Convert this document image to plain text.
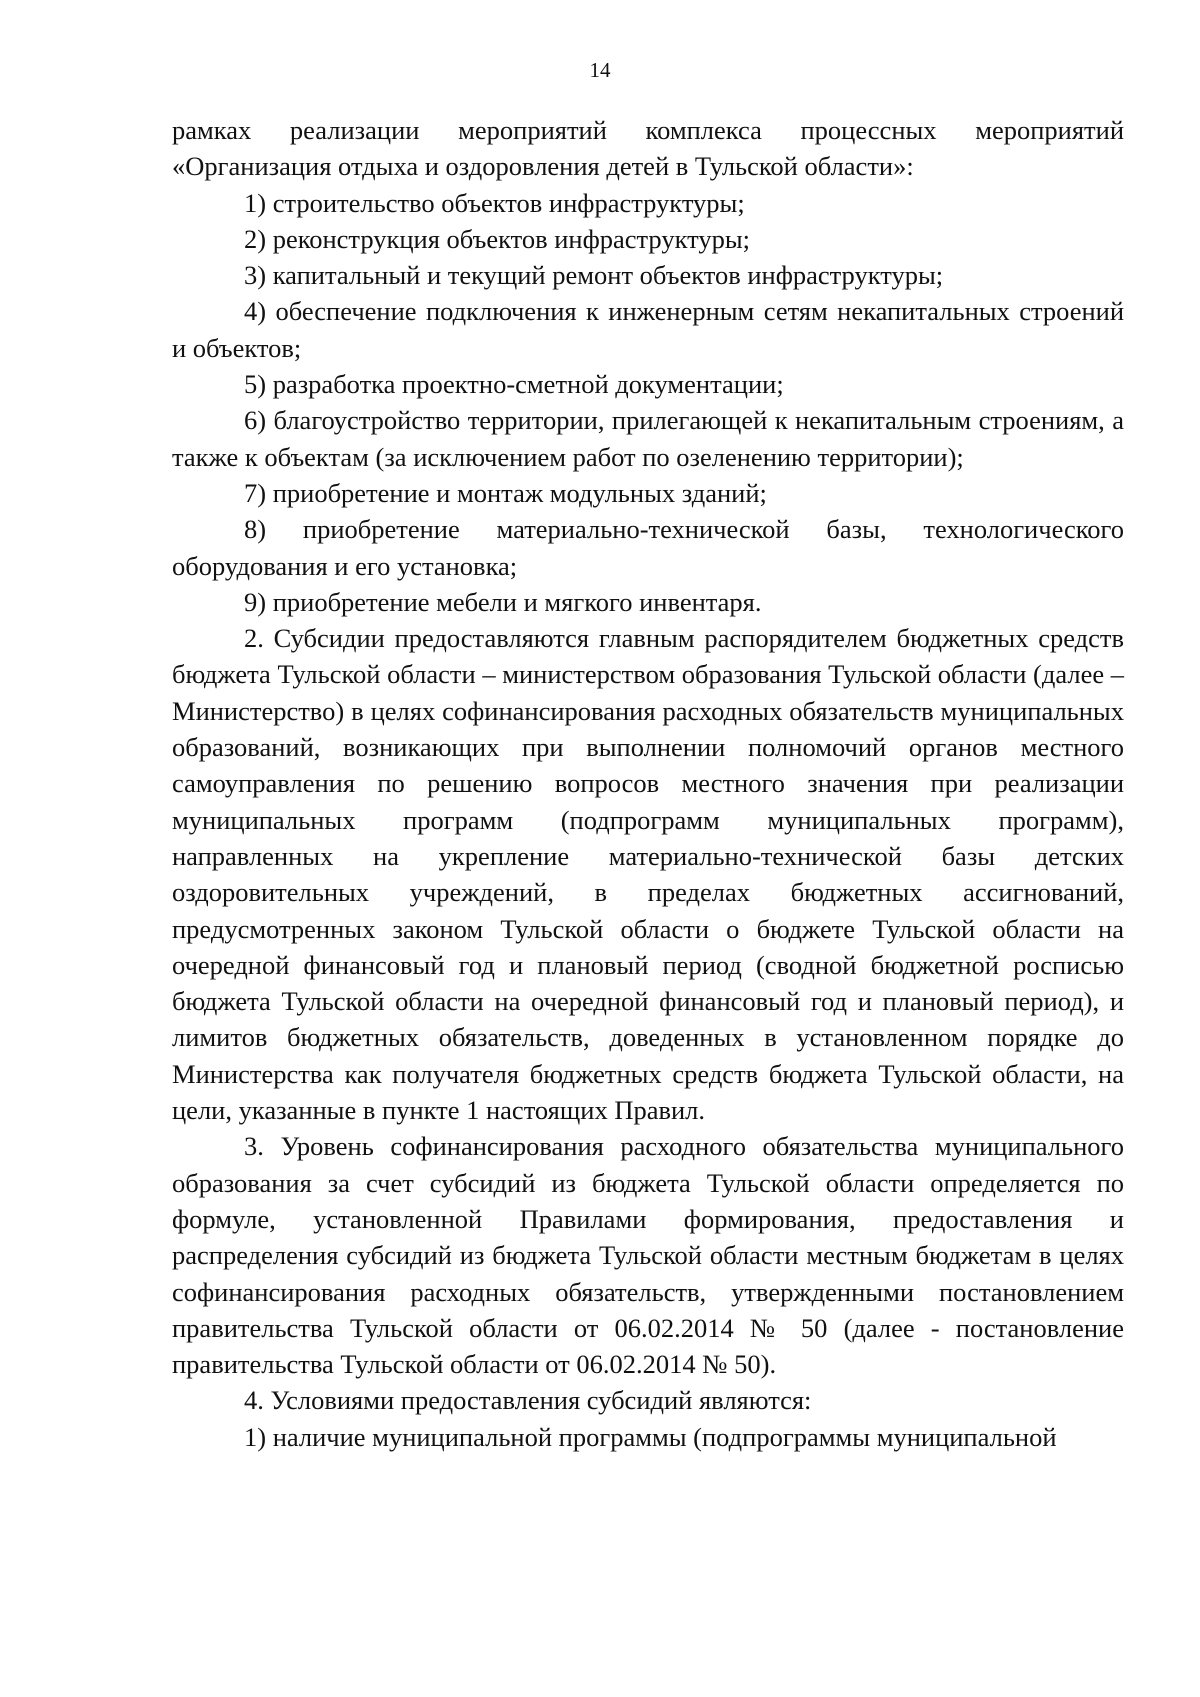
14

рамках реализации мероприятий комплекса процессных мероприятий «Организация отдыха и оздоровления детей в Тульской области»:

1) строительство объектов инфраструктуры;

2) реконструкция объектов инфраструктуры;

3) капитальный и текущий ремонт объектов инфраструктуры;

4) обеспечение подключения к инженерным сетям некапитальных строений и объектов;

5) разработка проектно-сметной документации;

6) благоустройство территории, прилегающей к некапитальным строениям, а также к объектам (за исключением работ по озеленению территории);

7) приобретение и монтаж модульных зданий;

8) приобретение материально-технической базы, технологического оборудования и его установка;

9) приобретение мебели и мягкого инвентаря.

2. Субсидии предоставляются главным распорядителем бюджетных средств бюджета Тульской области – министерством образования Тульской области (далее – Министерство) в целях софинансирования расходных обязательств муниципальных образований, возникающих при выполнении полномочий органов местного самоуправления по решению вопросов местного значения при реализации муниципальных программ (подпрограмм муниципальных программ), направленных на укрепление материально-технической базы детских оздоровительных учреждений, в пределах бюджетных ассигнований, предусмотренных законом Тульской области о бюджете Тульской области на очередной финансовый год и плановый период (сводной бюджетной росписью бюджета Тульской области на очередной финансовый год и плановый период), и лимитов бюджетных обязательств, доведенных в установленном порядке до Министерства как получателя бюджетных средств бюджета Тульской области, на цели, указанные в пункте 1 настоящих Правил.

3. Уровень софинансирования расходного обязательства муниципального образования за счет субсидий из бюджета Тульской области определяется по формуле, установленной Правилами формирования, предоставления и распределения субсидий из бюджета Тульской области местным бюджетам в целях софинансирования расходных обязательств, утвержденными постановлением правительства Тульской области от 06.02.2014 № 50 (далее - постановление правительства Тульской области от 06.02.2014 № 50).

4. Условиями предоставления субсидий являются:

1) наличие муниципальной программы (подпрограммы муниципальной
